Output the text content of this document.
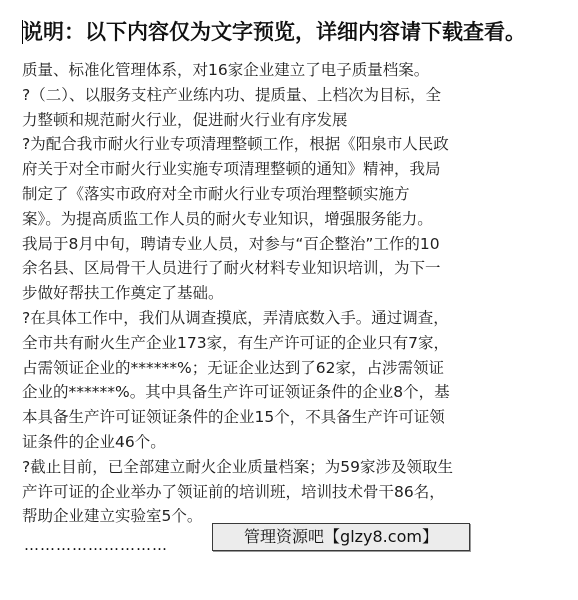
说明：以下内容仅为文字预览，详细内容请下载查看。
质量、标准化管理体系，对16家企业建立了电子质量档案。
?（二）、以服务支柱产业练内功、提质量、上档次为目标，全
力整顿和规范耐火行业，促进耐火行业有序发展
?为配合我市耐火行业专项清理整顿工作，根据《阳泉市人民政
府关于对全市耐火行业实施专项清理整顿的通知》精神，我局
制定了《落实市政府对全市耐火行业专项治理整顿实施方
案》。为提高质监工作人员的耐火专业知识，增强服务能力。
我局于8月中旬，聘请专业人员，对参与“百企整治”工作的10
余名县、区局骨干人员进行了耐火材料专业知识培训，为下一
步做好帮扶工作奠定了基础。
?在具体工作中，我们从调查摸底，弄清底数入手。通过调查，
全市共有耐火生产企业173家，有生产许可证的企业只有7家，
占需领证企业的******%；无证企业达到了62家，占涉需领证
企业的******%。其中具备生产许可证领证条件的企业8个，基
本具备生产许可证领证条件的企业15个，不具备生产许可证领
证条件的企业46个。
?截止目前，已全部建立耐火企业质量档案；为59家涉及领取生
产许可证的企业举办了领证前的培训班，培训技术骨干86名，
帮助企业建立实验室5个。
………………………	管理资源吧【glzy8.com】
